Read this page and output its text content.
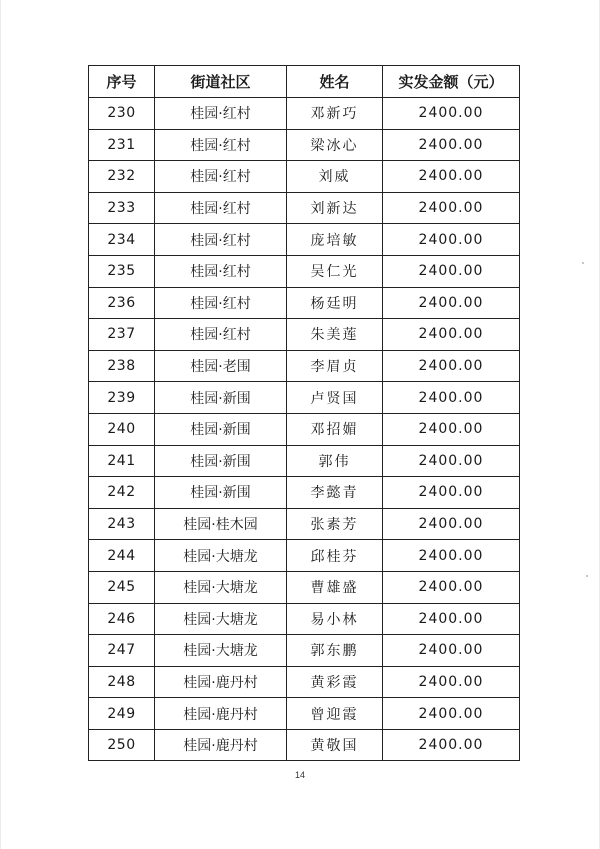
序号	街道社区	姓名	实发金额（元）
230	桂园·红村	邓新巧	2400.00
231	桂园·红村	梁冰心	2400.00
232	桂园·红村	刘威	2400.00
233	桂园·红村	刘新达	2400.00
234	桂园·红村	庞培敏	2400.00
235	桂园·红村	吴仁光	2400.00
236	桂园·红村	杨廷明	2400.00
237	桂园·红村	朱美莲	2400.00
238	桂园·老围	李眉贞	2400.00
239	桂园·新围	卢贤国	2400.00
240	桂园·新围	邓招媚	2400.00
241	桂园·新围	郭伟	2400.00
242	桂园·新围	李懿青	2400.00
243	桂园·桂木园	张素芳	2400.00
244	桂园·大塘龙	邱桂芬	2400.00
245	桂园·大塘龙	曹雄盛	2400.00
246	桂园·大塘龙	易小林	2400.00
247	桂园·大塘龙	郭东鹏	2400.00
248	桂园·鹿丹村	黄彩霞	2400.00
249	桂园·鹿丹村	曾迎霞	2400.00
250	桂园·鹿丹村	黄敬国	2400.00
14
